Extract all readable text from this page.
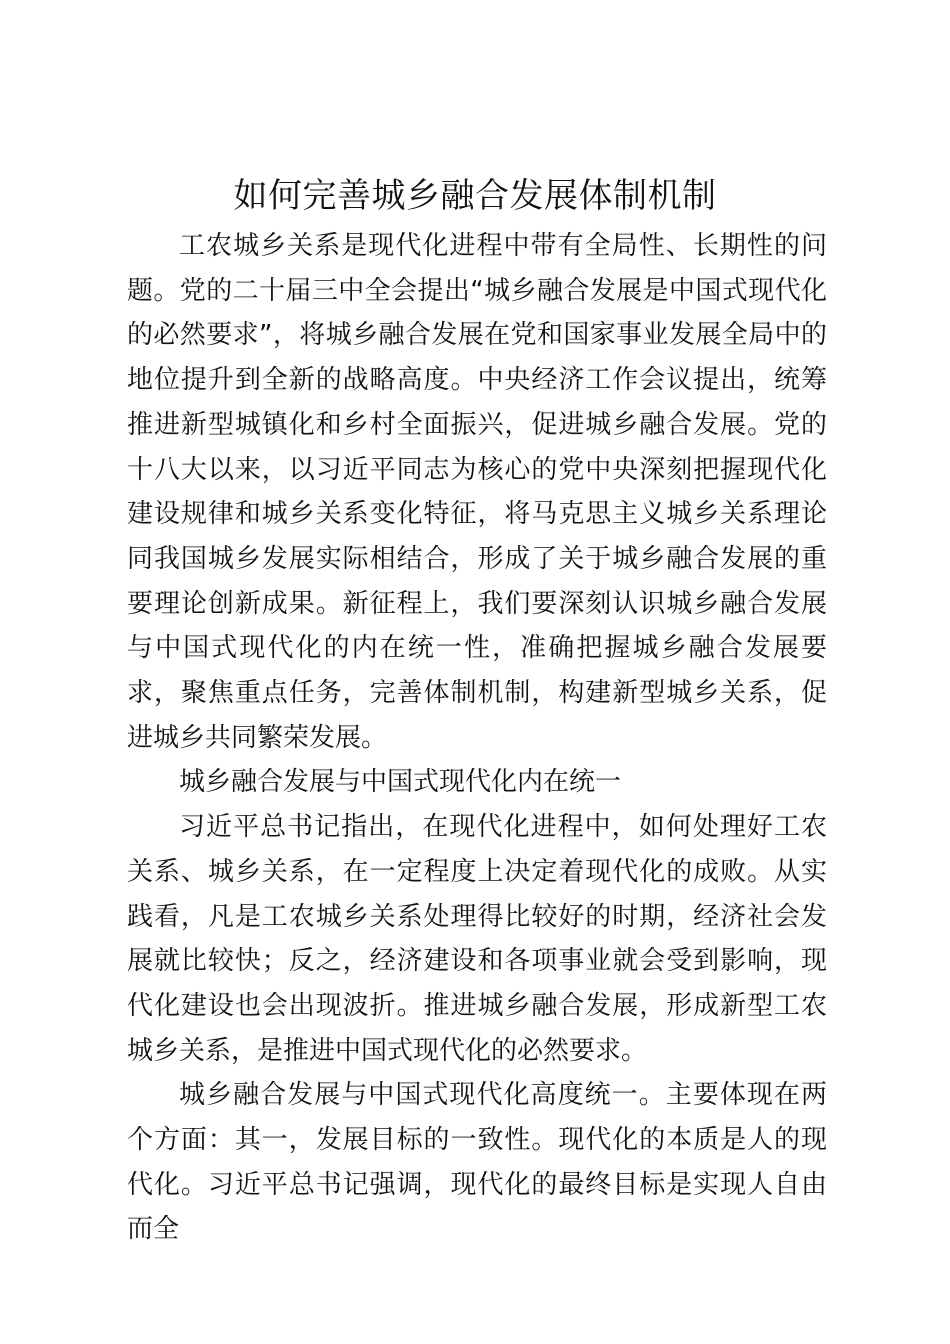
如何完善城乡融合发展体制机制

工农城乡关系是现代化进程中带有全局性、长期性的问题。党的二十届三中全会提出“城乡融合发展是中国式现代化的必然要求”，将城乡融合发展在党和国家事业发展全局中的地位提升到全新的战略高度。中央经济工作会议提出，统筹推进新型城镇化和乡村全面振兴，促进城乡融合发展。党的十八大以来，以习近平同志为核心的党中央深刻把握现代化建设规律和城乡关系变化特征，将马克思主义城乡关系理论同我国城乡发展实际相结合，形成了关于城乡融合发展的重要理论创新成果。新征程上，我们要深刻认识城乡融合发展与中国式现代化的内在统一性，准确把握城乡融合发展要求，聚焦重点任务，完善体制机制，构建新型城乡关系，促进城乡共同繁荣发展。

城乡融合发展与中国式现代化内在统一

习近平总书记指出，在现代化进程中，如何处理好工农关系、城乡关系，在一定程度上决定着现代化的成败。从实践看，凡是工农城乡关系处理得比较好的时期，经济社会发展就比较快；反之，经济建设和各项事业就会受到影响，现代化建设也会出现波折。推进城乡融合发展，形成新型工农城乡关系，是推进中国式现代化的必然要求。

城乡融合发展与中国式现代化高度统一。主要体现在两个方面：其一，发展目标的一致性。现代化的本质是人的现代化。习近平总书记强调，现代化的最终目标是实现人自由而全
